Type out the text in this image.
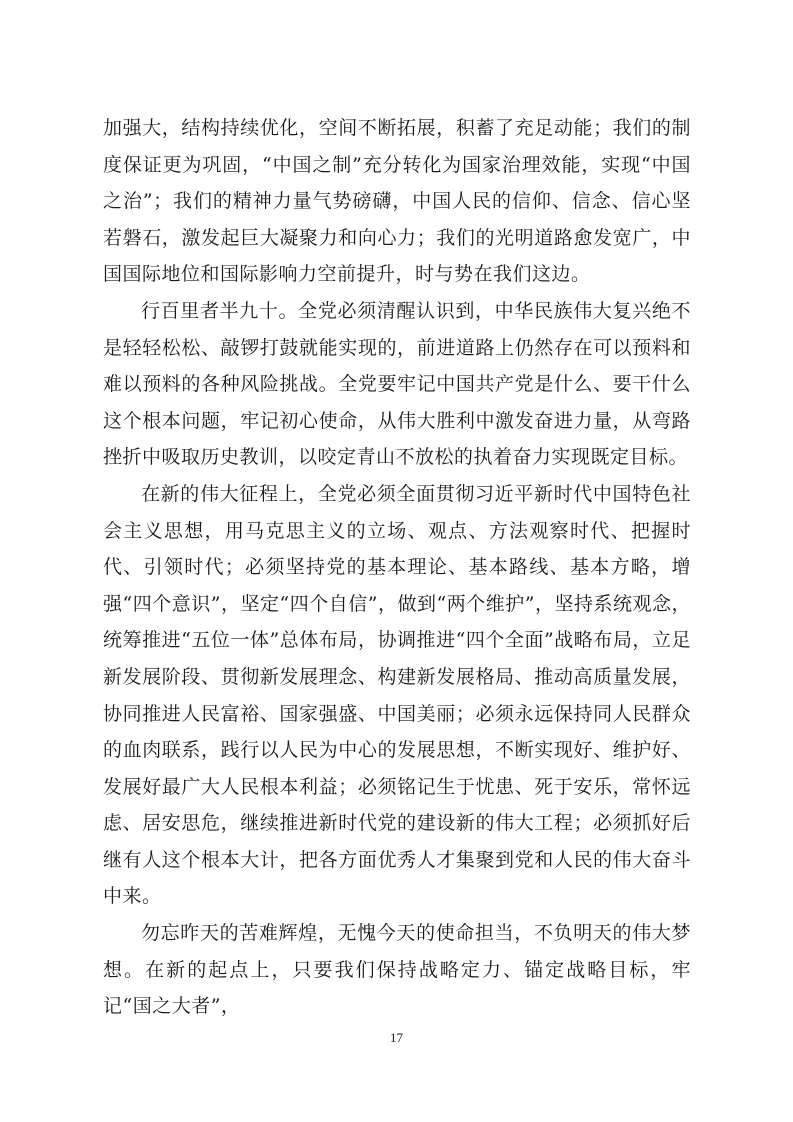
加强大，结构持续优化，空间不断拓展，积蓄了充足动能；我们的制度保证更为巩固，“中国之制”充分转化为国家治理效能，实现“中国之治”；我们的精神力量气势磅礴，中国人民的信仰、信念、信心坚若磐石，激发起巨大凝聚力和向心力；我们的光明道路愈发宽广，中国国际地位和国际影响力空前提升，时与势在我们这边。

行百里者半九十。全党必须清醒认识到，中华民族伟大复兴绝不是轻轻松松、敲锣打鼓就能实现的，前进道路上仍然存在可以预料和难以预料的各种风险挑战。全党要牢记中国共产党是什么、要干什么这个根本问题，牢记初心使命，从伟大胜利中激发奋进力量，从弯路挫折中吸取历史教训，以咬定青山不放松的执着奋力实现既定目标。

在新的伟大征程上，全党必须全面贯彻习近平新时代中国特色社会主义思想，用马克思主义的立场、观点、方法观察时代、把握时代、引领时代；必须坚持党的基本理论、基本路线、基本方略，增强“四个意识”，坚定“四个自信”，做到“两个维护”，坚持系统观念，统筹推进“五位一体”总体布局，协调推进“四个全面”战略布局，立足新发展阶段、贯彻新发展理念、构建新发展格局、推动高质量发展，协同推进人民富裕、国家强盛、中国美丽；必须永远保持同人民群众的血肉联系，践行以人民为中心的发展思想，不断实现好、维护好、发展好最广大人民根本利益；必须铭记生于忧患、死于安乐，常怀远虑、居安思危，继续推进新时代党的建设新的伟大工程；必须抓好后继有人这个根本大计，把各方面优秀人才集聚到党和人民的伟大奋斗中来。

勿忘昨天的苦难辉煌，无愧今天的使命担当，不负明天的伟大梦想。在新的起点上，只要我们保持战略定力、锚定战略目标，牢记“国之大者”，

17
